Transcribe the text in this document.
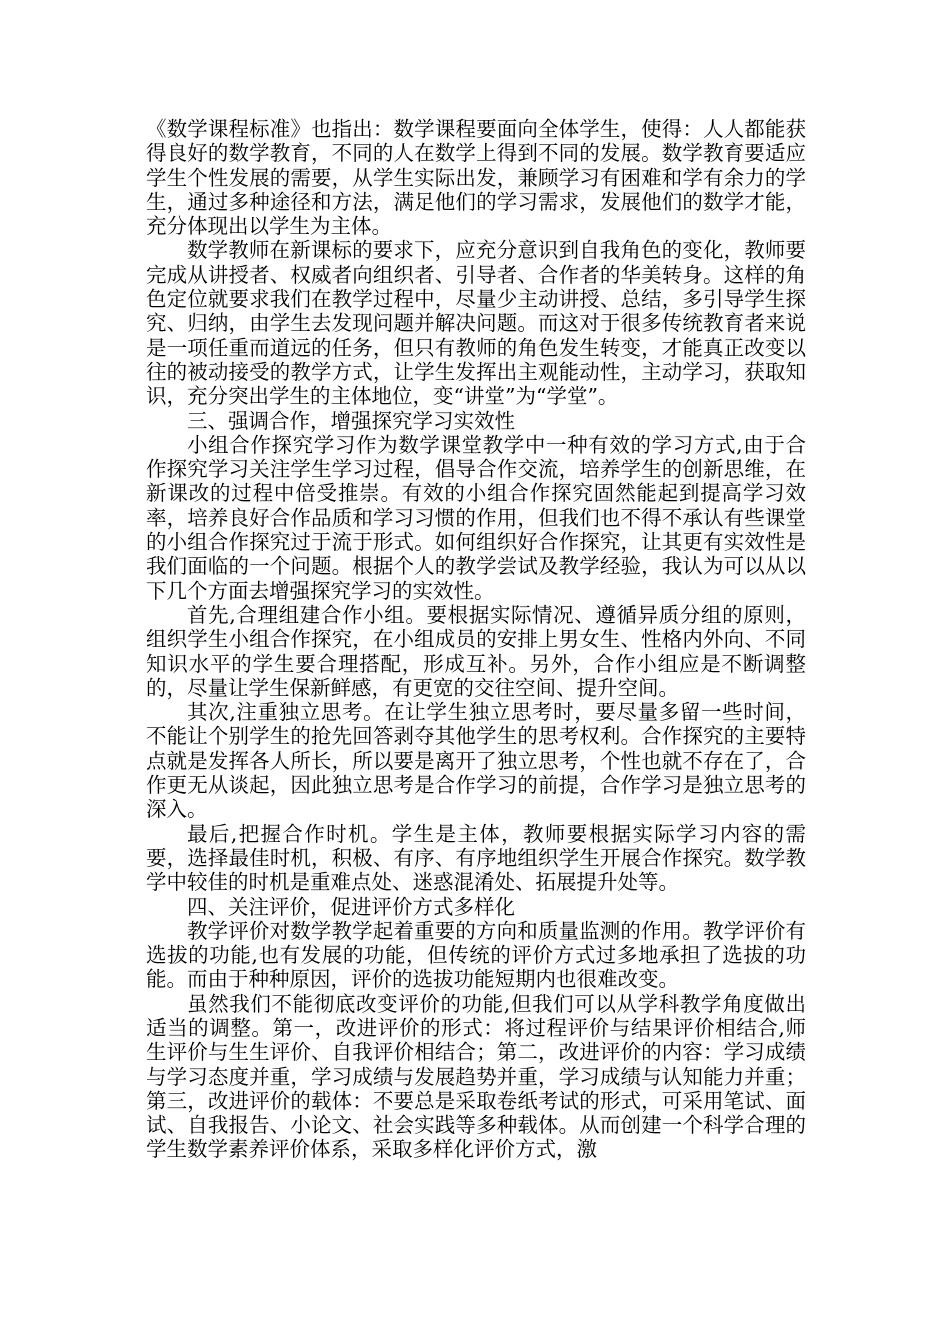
《数学课程标准》也指出：数学课程要面向全体学生，使得：人人都能获得良好的数学教育，不同的人在数学上得到不同的发展。数学教育要适应学生个性发展的需要，从学生实际出发，兼顾学习有困难和学有余力的学生，通过多种途径和方法，满足他们的学习需求，发展他们的数学才能，充分体现出以学生为主体。

数学教师在新课标的要求下，应充分意识到自我角色的变化，教师要完成从讲授者、权威者向组织者、引导者、合作者的华美转身。这样的角色定位就要求我们在教学过程中，尽量少主动讲授、总结，多引导学生探究、归纳，由学生去发现问题并解决问题。而这对于很多传统教育者来说是一项任重而道远的任务，但只有教师的角色发生转变，才能真正改变以往的被动接受的教学方式，让学生发挥出主观能动性，主动学习，获取知识，充分突出学生的主体地位，变“讲堂”为“学堂”。

三、强调合作，增强探究学习实效性

小组合作探究学习作为数学课堂教学中一种有效的学习方式,由于合作探究学习关注学生学习过程，倡导合作交流，培养学生的创新思维，在新课改的过程中倍受推崇。有效的小组合作探究固然能起到提高学习效率，培养良好合作品质和学习习惯的作用，但我们也不得不承认有些课堂的小组合作探究过于流于形式。如何组织好合作探究，让其更有实效性是我们面临的一个问题。根据个人的教学尝试及教学经验，我认为可以从以下几个方面去增强探究学习的实效性。

首先,合理组建合作小组。要根据实际情况、遵循异质分组的原则，组织学生小组合作探究，在小组成员的安排上男女生、性格内外向、不同知识水平的学生要合理搭配，形成互补。另外，合作小组应是不断调整的，尽量让学生保新鲜感，有更宽的交往空间、提升空间。

其次,注重独立思考。在让学生独立思考时，要尽量多留一些时间，不能让个别学生的抢先回答剥夺其他学生的思考权利。合作探究的主要特点就是发挥各人所长，所以要是离开了独立思考，个性也就不存在了，合作更无从谈起，因此独立思考是合作学习的前提，合作学习是独立思考的深入。

最后,把握合作时机。学生是主体，教师要根据实际学习内容的需要，选择最佳时机，积极、有序、有序地组织学生开展合作探究。数学教学中较佳的时机是重难点处、迷惑混淆处、拓展提升处等。

四、关注评价，促进评价方式多样化

教学评价对数学教学起着重要的方向和质量监测的作用。教学评价有选拔的功能,也有发展的功能，但传统的评价方式过多地承担了选拔的功能。而由于种种原因，评价的选拔功能短期内也很难改变。

虽然我们不能彻底改变评价的功能,但我们可以从学科教学角度做出适当的调整。第一，改进评价的形式：将过程评价与结果评价相结合,师生评价与生生评价、自我评价相结合；第二，改进评价的内容：学习成绩与学习态度并重，学习成绩与发展趋势并重，学习成绩与认知能力并重；第三，改进评价的载体：不要总是采取卷纸考试的形式，可采用笔试、面试、自我报告、小论文、社会实践等多种载体。从而创建一个科学合理的学生数学素养评价体系，采取多样化评价方式，激
